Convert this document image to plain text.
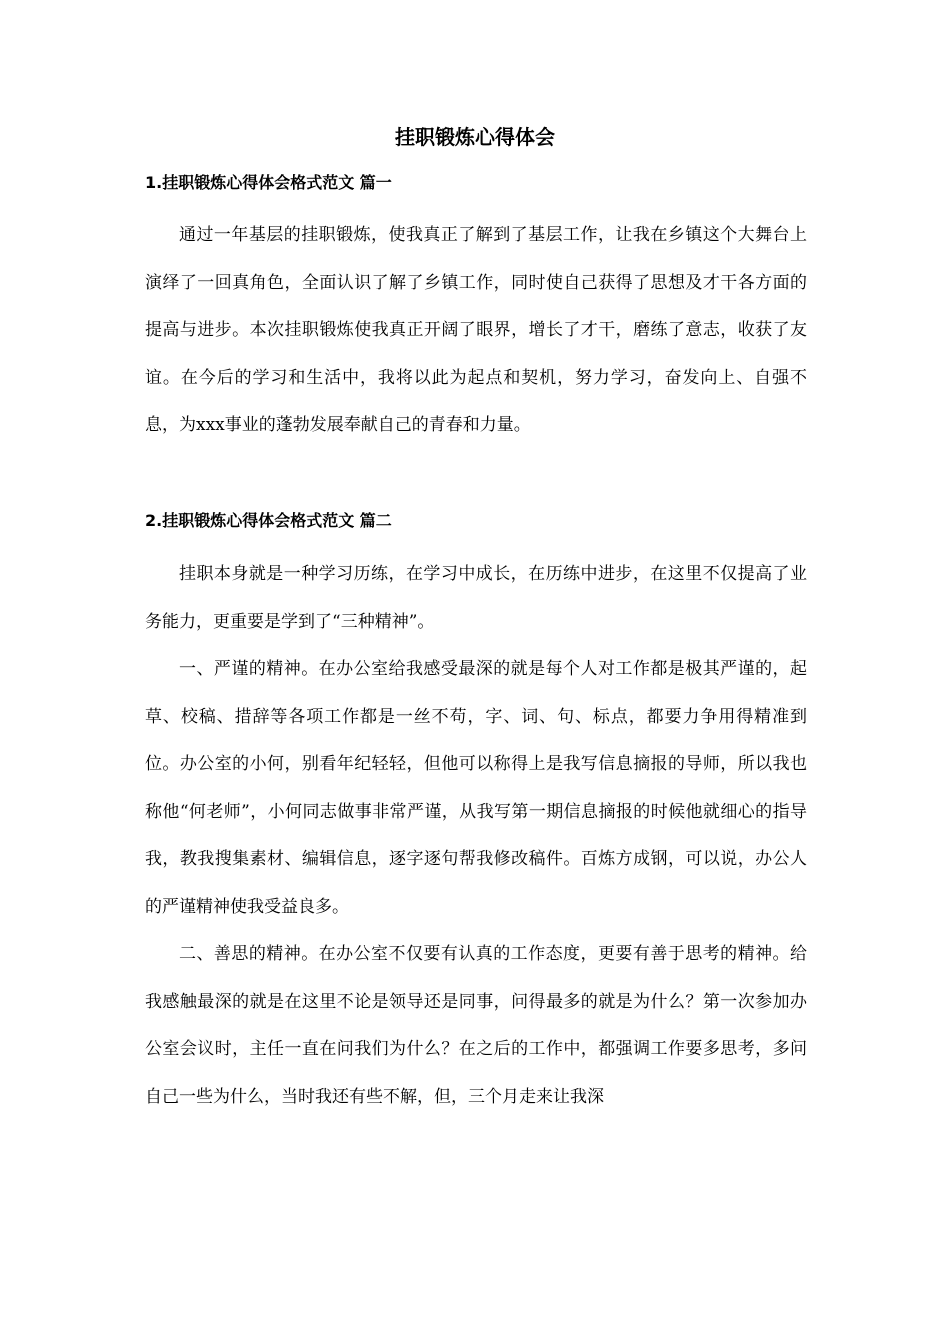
挂职锻炼心得体会
1.挂职锻炼心得体会格式范文 篇一

通过一年基层的挂职锻炼，使我真正了解到了基层工作，让我在乡镇这个大舞台上演绎了一回真角色，全面认识了解了乡镇工作，同时使自己获得了思想及才干各方面的提高与进步。本次挂职锻炼使我真正开阔了眼界，增长了才干，磨练了意志，收获了友谊。在今后的学习和生活中，我将以此为起点和契机，努力学习，奋发向上、自强不息，为xxx事业的蓬勃发展奉献自己的青春和力量。

2.挂职锻炼心得体会格式范文 篇二

挂职本身就是一种学习历练，在学习中成长，在历练中进步，在这里不仅提高了业务能力，更重要是学到了“三种精神”。

一、严谨的精神。在办公室给我感受最深的就是每个人对工作都是极其严谨的，起草、校稿、措辞等各项工作都是一丝不苟，字、词、句、标点，都要力争用得精准到位。办公室的小何，别看年纪轻轻，但他可以称得上是我写信息摘报的导师，所以我也称他“何老师”，小何同志做事非常严谨，从我写第一期信息摘报的时候他就细心的指导我，教我搜集素材、编辑信息，逐字逐句帮我修改稿件。百炼方成钢，可以说，办公人的严谨精神使我受益良多。

二、善思的精神。在办公室不仅要有认真的工作态度，更要有善于思考的精神。给我感触最深的就是在这里不论是领导还是同事，问得最多的就是为什么？第一次参加办公室会议时，主任一直在问我们为什么？在之后的工作中，都强调工作要多思考，多问自己一些为什么，当时我还有些不解，但，三个月走来让我深
